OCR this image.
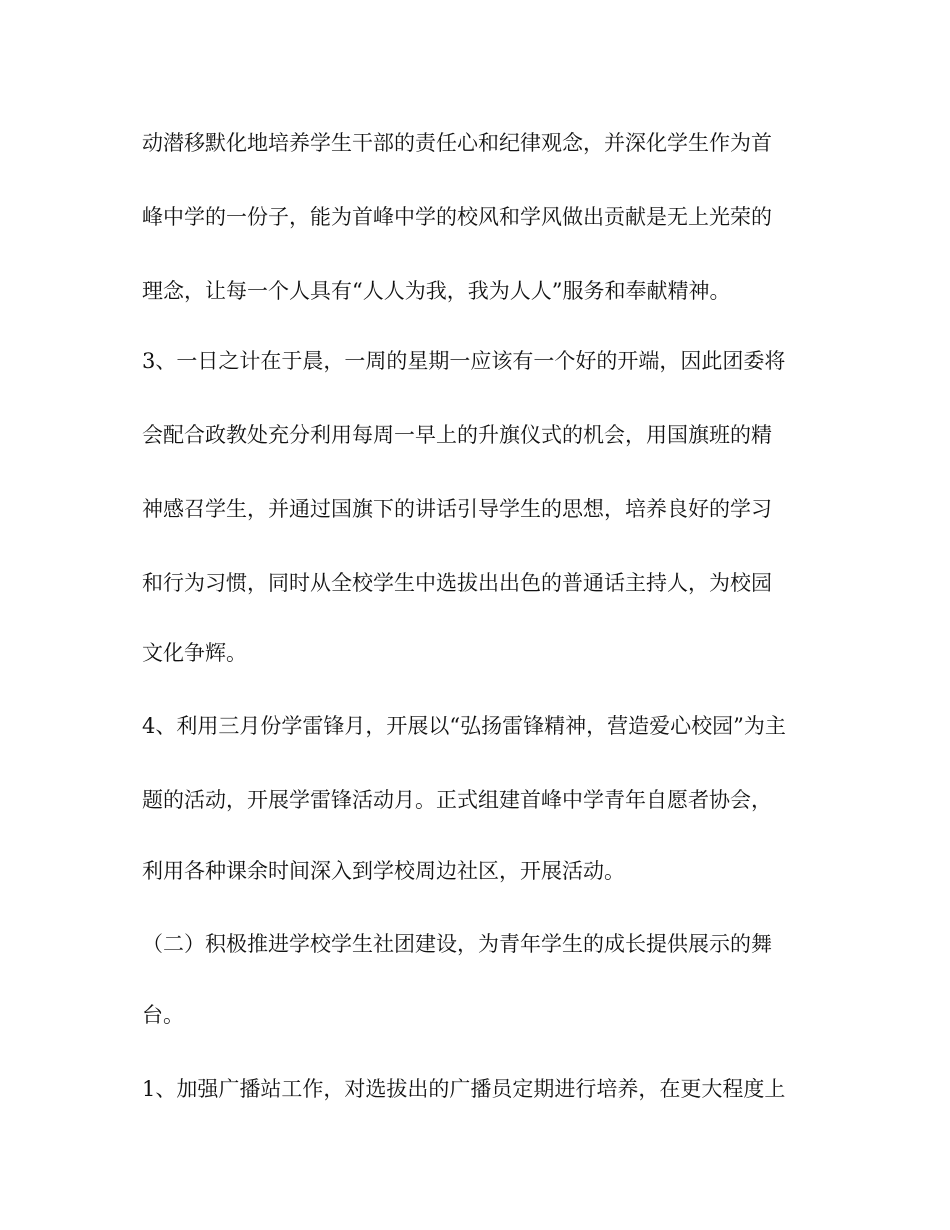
动潜移默化地培养学生干部的责任心和纪律观念，并深化学生作为首

峰中学的一份子，能为首峰中学的校风和学风做出贡献是无上光荣的

理念，让每一个人具有“人人为我，我为人人”服务和奉献精神。

3、一日之计在于晨，一周的星期一应该有一个好的开端，因此团委将

会配合政教处充分利用每周一早上的升旗仪式的机会，用国旗班的精

神感召学生，并通过国旗下的讲话引导学生的思想，培养良好的学习

和行为习惯，同时从全校学生中选拔出出色的普通话主持人，为校园

文化争辉。

4、利用三月份学雷锋月，开展以“弘扬雷锋精神，营造爱心校园”为主

题的活动，开展学雷锋活动月。正式组建首峰中学青年自愿者协会，

利用各种课余时间深入到学校周边社区，开展活动。

（二）积极推进学校学生社团建设，为青年学生的成长提供展示的舞

台。

1、加强广播站工作，对选拔出的广播员定期进行培养，在更大程度上
